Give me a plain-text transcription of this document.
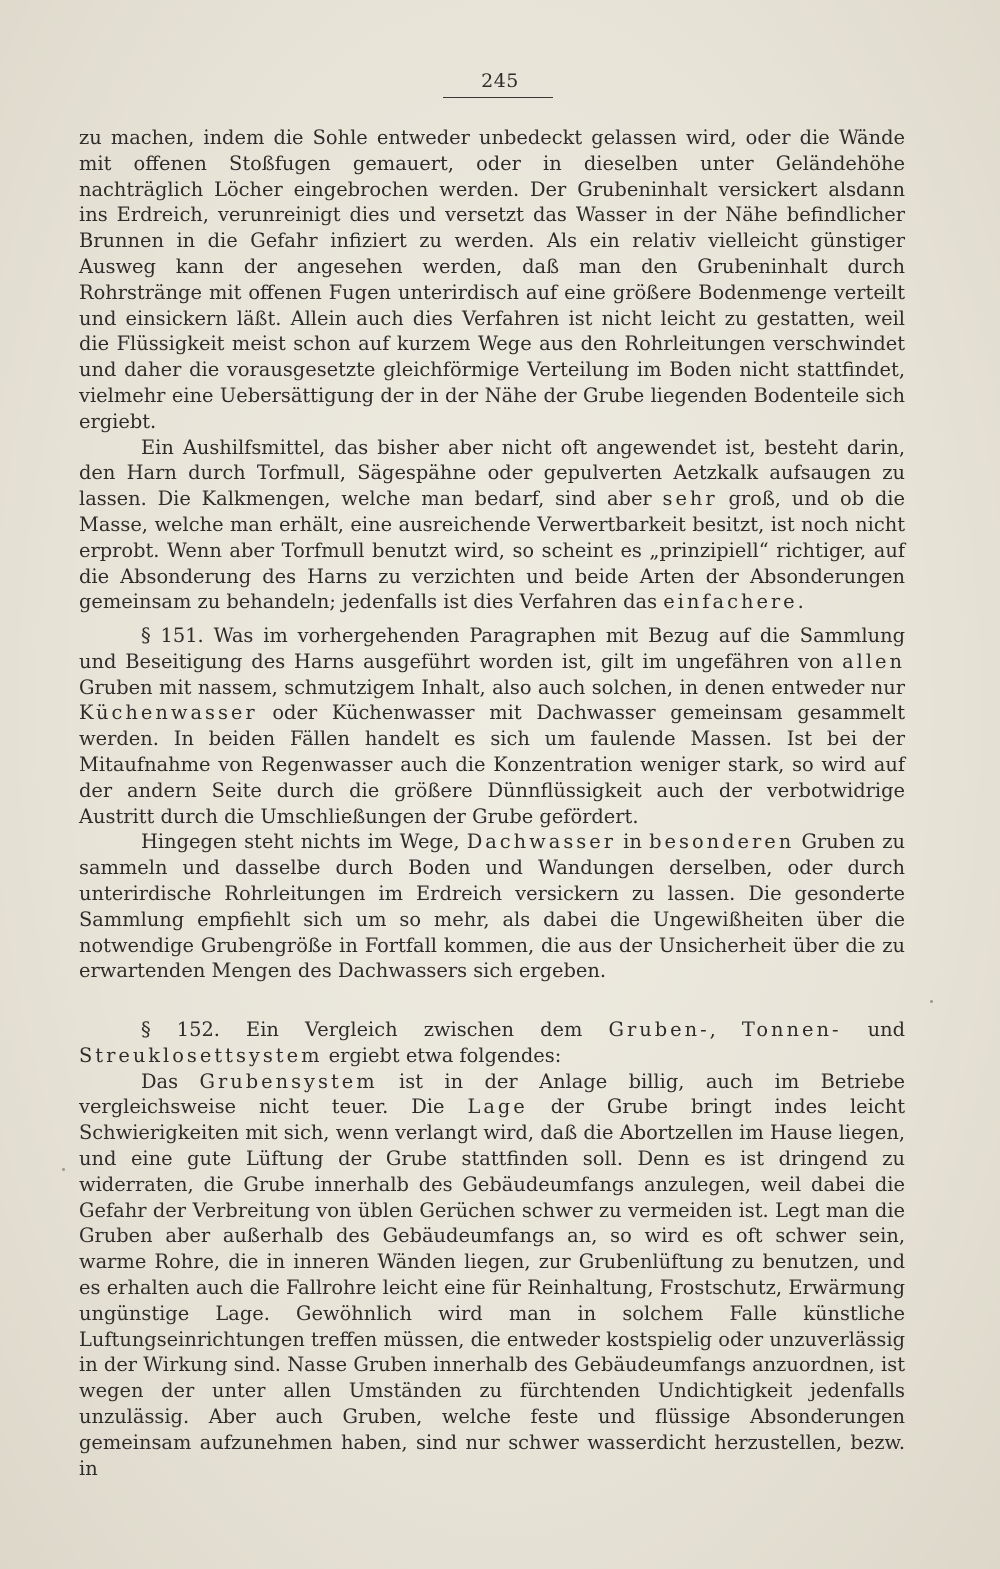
245

zu machen, indem die Sohle entweder unbedeckt gelassen wird, oder die Wände mit offenen Stoßfugen gemauert, oder in dieselben unter Geländehöhe nachträglich Löcher eingebrochen werden. Der Grubeninhalt versickert alsdann ins Erdreich, verunreinigt dies und versetzt das Wasser in der Nähe befindlicher Brunnen in die Gefahr infiziert zu werden. Als ein relativ vielleicht günstiger Ausweg kann der angesehen werden, daß man den Grubeninhalt durch Rohrstränge mit offenen Fugen unterirdisch auf eine größere Bodenmenge verteilt und einsickern läßt. Allein auch dies Verfahren ist nicht leicht zu gestatten, weil die Flüssigkeit meist schon auf kurzem Wege aus den Rohrleitungen verschwindet und daher die vorausgesetzte gleichförmige Verteilung im Boden nicht stattfindet, vielmehr eine Uebersättigung der in der Nähe der Grube liegenden Bodenteile sich ergiebt.

Ein Aushilfsmittel, das bisher aber nicht oft angewendet ist, besteht darin, den Harn durch Torfmull, Sägespähne oder gepulverten Aetzkalk aufsaugen zu lassen. Die Kalkmengen, welche man bedarf, sind aber sehr groß, und ob die Masse, welche man erhält, eine ausreichende Verwertbarkeit besitzt, ist noch nicht erprobt. Wenn aber Torfmull benutzt wird, so scheint es „prinzipiell“ richtiger, auf die Absonderung des Harns zu verzichten und beide Arten der Absonderungen gemeinsam zu behandeln; jedenfalls ist dies Verfahren das einfachere.

§ 151. Was im vorhergehenden Paragraphen mit Bezug auf die Sammlung und Beseitigung des Harns ausgeführt worden ist, gilt im ungefähren von allen Gruben mit nassem, schmutzigem Inhalt, also auch solchen, in denen entweder nur Küchenwasser oder Küchenwasser mit Dachwasser gemeinsam gesammelt werden. In beiden Fällen handelt es sich um faulende Massen. Ist bei der Mitaufnahme von Regenwasser auch die Konzentration weniger stark, so wird auf der andern Seite durch die größere Dünnflüssigkeit auch der verbotwidrige Austritt durch die Umschließungen der Grube gefördert.

Hingegen steht nichts im Wege, Dachwasser in besonderen Gruben zu sammeln und dasselbe durch Boden und Wandungen derselben, oder durch unterirdische Rohrleitungen im Erdreich versickern zu lassen. Die gesonderte Sammlung empfiehlt sich um so mehr, als dabei die Ungewißheiten über die notwendige Grubengröße in Fortfall kommen, die aus der Unsicherheit über die zu erwartenden Mengen des Dachwassers sich ergeben.

§ 152. Ein Vergleich zwischen dem Gruben-, Tonnen- und Streuklosettsystem ergiebt etwa folgendes:

Das Grubensystem ist in der Anlage billig, auch im Betriebe vergleichsweise nicht teuer. Die Lage der Grube bringt indes leicht Schwierigkeiten mit sich, wenn verlangt wird, daß die Abortzellen im Hause liegen, und eine gute Lüftung der Grube stattfinden soll. Denn es ist dringend zu widerraten, die Grube innerhalb des Gebäudeumfangs anzulegen, weil dabei die Gefahr der Verbreitung von üblen Gerüchen schwer zu vermeiden ist. Legt man die Gruben aber außerhalb des Gebäudeumfangs an, so wird es oft schwer sein, warme Rohre, die in inneren Wänden liegen, zur Grubenlüftung zu benutzen, und es erhalten auch die Fallrohre leicht eine für Reinhaltung, Frostschutz, Erwärmung ungünstige Lage. Gewöhnlich wird man in solchem Falle künstliche Luftungseinrichtungen treffen müssen, die entweder kostspielig oder unzuverlässig in der Wirkung sind. Nasse Gruben innerhalb des Gebäudeumfangs anzuordnen, ist wegen der unter allen Umständen zu fürchtenden Undichtigkeit jedenfalls unzulässig. Aber auch Gruben, welche feste und flüssige Absonderungen gemeinsam aufzunehmen haben, sind nur schwer wasserdicht herzustellen, bezw. in
